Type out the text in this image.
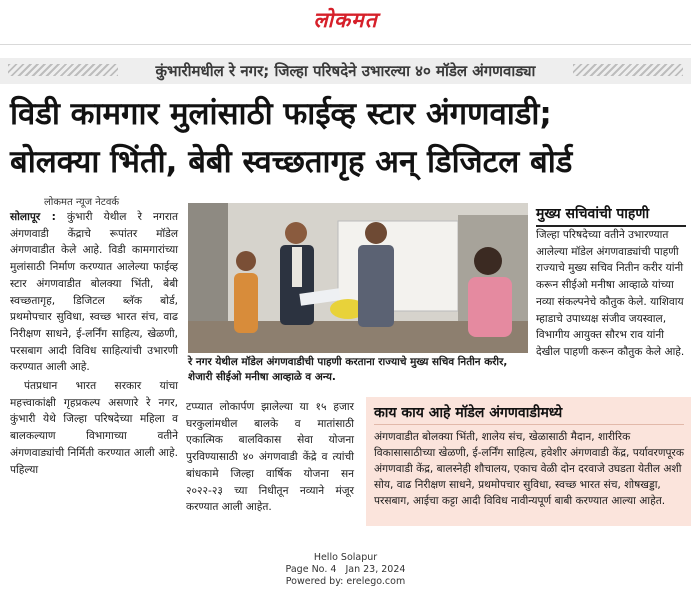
लोकमत
कुंभारीमधील रे नगर; जिल्हा परिषदेने उभारल्या ४० मॉडेल अंगणवाड्या
विडी कामगार मुलांसाठी फाईव्ह स्टार अंगणवाडी;
बोलक्या भिंती, बेबी स्वच्छतागृह अन् डिजिटल बोर्ड
लोकमत न्यूज नेटवर्क

सोलापूर : कुंभारी येथील रे नगरात अंगणवाडी केंद्राचे रूपांतर मॉडेल अंगणवाडीत केले आहे. विडी कामगारांच्या मुलांसाठी निर्माण करण्यात आलेल्या फाईव्ह स्टार अंगणवाडीत बोलक्या भिंती, बेबी स्वच्छतागृह, डिजिटल ब्लॅक बोर्ड, प्रथमोपचार सुविधा, स्वच्छ भारत संच, वाढ निरीक्षण साधने, ई-लर्निंग साहित्य, खेळणी, परसबाग आदी विविध साहित्यांची उभारणी करण्यात आली आहे.

पंतप्रधान भारत सरकार यांचा महत्त्वाकांक्षी गृहप्रकल्प असणारे रे नगर, कुंभारी येथे जिल्हा परिषदेच्या महिला व बालकल्याण विभागाच्या वतीने अंगणवाड्यांची निर्मिती करण्यात आली आहे. पहिल्या

रे नगर येथील मॉडेल अंगणवाडीची पाहणी करताना राज्याचे मुख्य सचिव नितीन करीर, शेजारी सीईओ मनीषा आव्हाळे व अन्य.
टप्प्यात लोकार्पण झालेल्या या १५ हजार घरकुलांमधील बालके व मातांसाठी एकात्मिक बालविकास सेवा योजना पुरविण्यासाठी ४० अंगणवाडी केंद्रे व त्यांची बांधकामे जिल्हा वार्षिक योजना सन २०२२-२३ च्या निधीतून नव्याने मंजूर करण्यात आली आहेत.
मुख्य सचिवांची पाहणी
जिल्हा परिषदेच्या वतीने उभारण्यात आलेल्या मॉडेल अंगणवाड्यांची पाहणी राज्याचे मुख्य सचिव नितीन करीर यांनी करून सीईओ मनीषा आव्हाळे यांच्या नव्या संकल्पनेचे कौतुक केले. याशिवाय म्हाडाचे उपाध्यक्ष संजीव जयस्वाल, विभागीय आयुक्त सौरभ राव यांनी देखील पाहणी करून कौतुक केले आहे.
काय काय आहे मॉडेल अंगणवाडीमध्ये
अंगणवाडीत बोलक्या भिंती, शालेय संच, खेळासाठी मैदान, शारीरिक विकासासाठीच्या खेळणी, ई-लर्निंग साहित्य, हवेशीर अंगणवाडी केंद्र, पर्यावरणपूरक अंगणवाडी केंद्र, बालस्नेही शौचालय, एकाच वेळी दोन दरवाजे उघडता येतील अशी सोय, वाढ निरीक्षण साधने, प्रथमोपचार सुविधा, स्वच्छ भारत संच, शोषखड्डा, परसबाग, आईचा कट्टा आदी विविध नावीन्यपूर्ण बाबी करण्यात आल्या आहेत.
Hello Solapur
Page No. 4 Jan 23, 2024
Powered by: erelego.com
